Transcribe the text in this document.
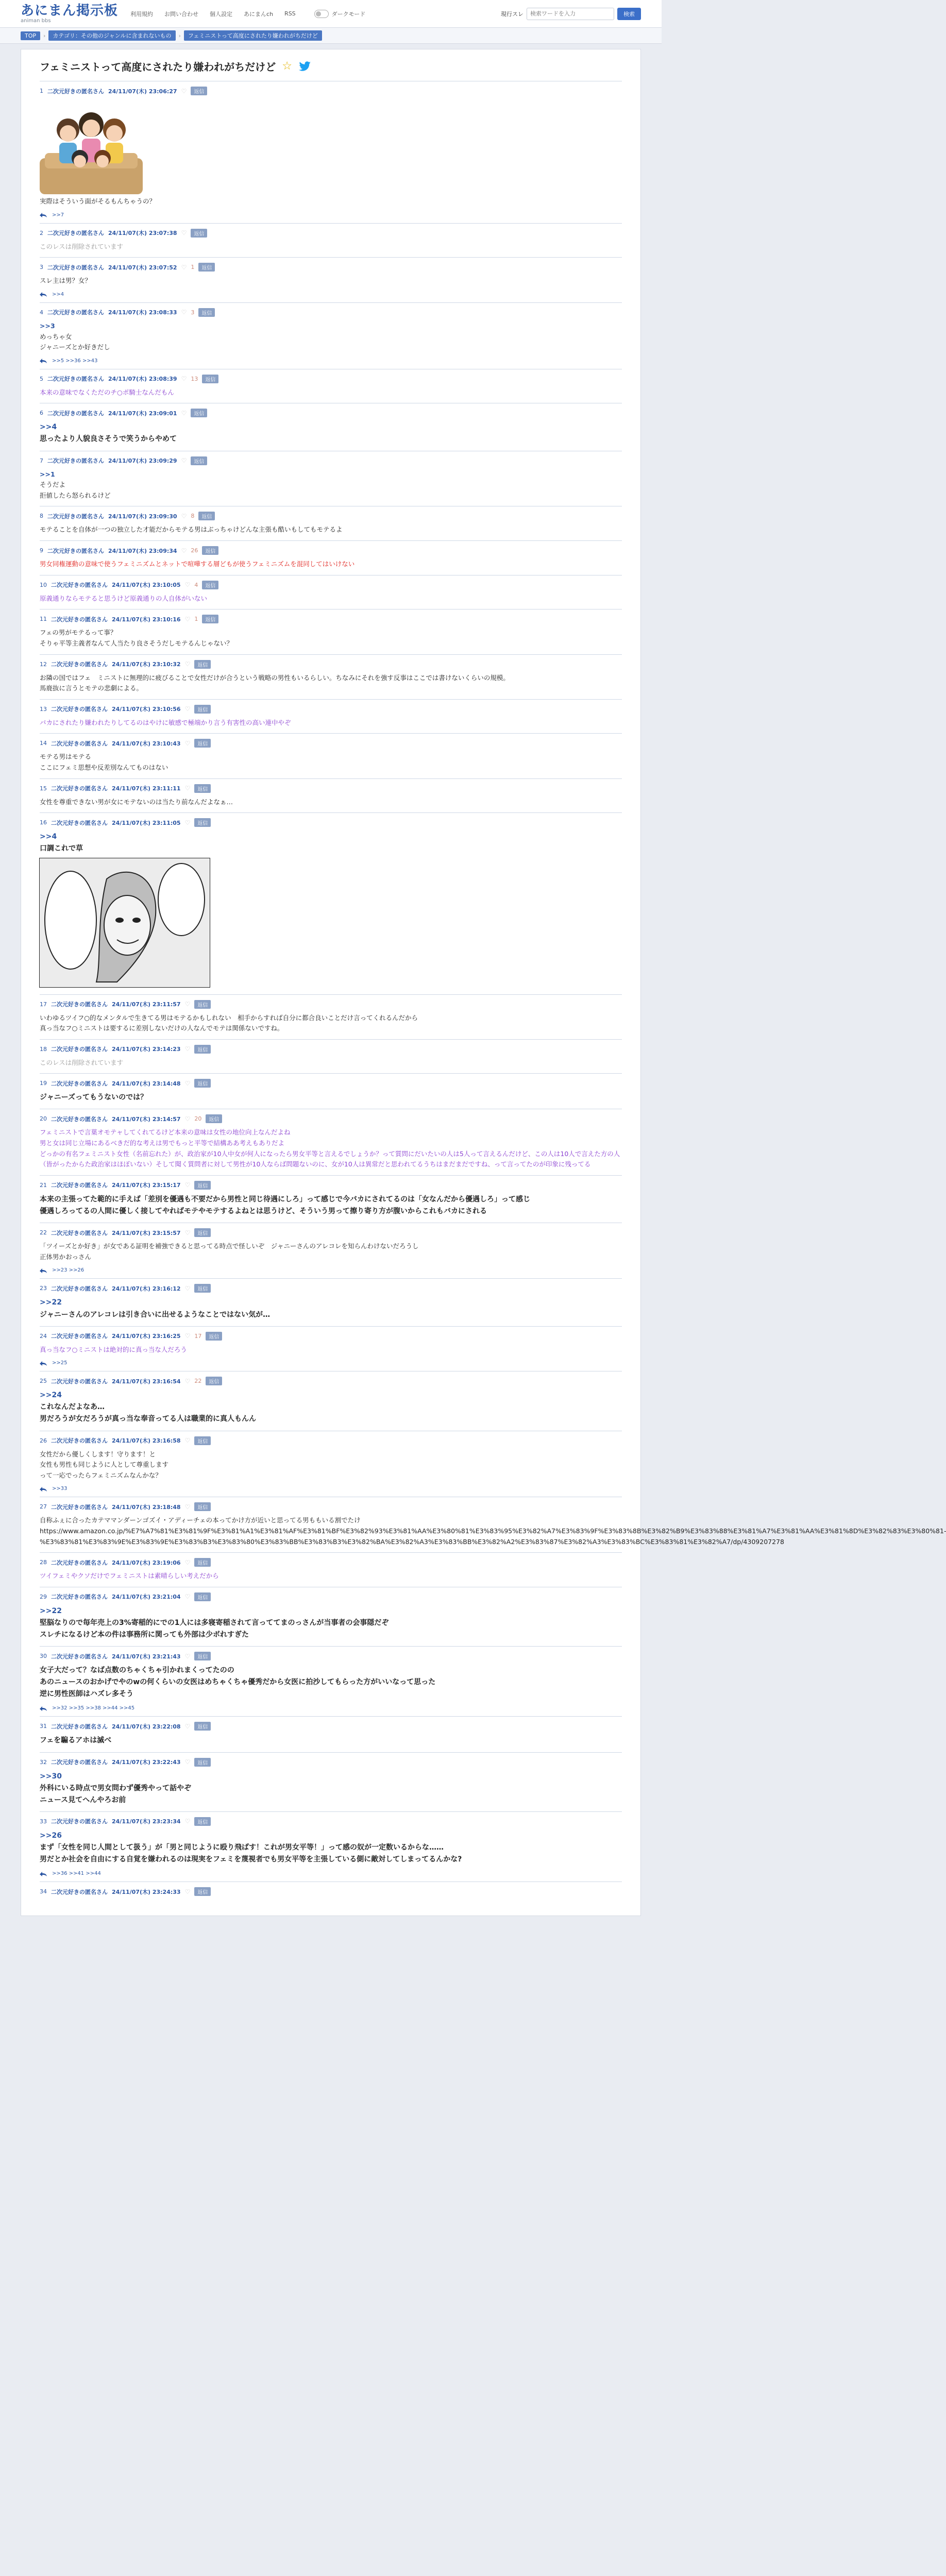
あにまん掲示板
animan bbs
利用規約 お問い合わせ 個人設定 あにまんch RSS	ダークモード	現行スレ
検索ワードを入力	検索
TOP	›	カテゴリ：その他のジャンルに含まれないもの	›	フェミニストって高度にされたり嫌われがちだけど
フェミニストって高度にされたり嫌われがちだけど ☆
1 二次元好きの匿名さん 24/11/07(木) 23:06:27 ♡	返信
実際はそういう面がそるもんちゃうの？
>>7
2 二次元好きの匿名さん 24/11/07(木) 23:07:38 ♡	返信
このレスは削除されています
3 二次元好きの匿名さん 24/11/07(木) 23:07:52 ♡ 1	返信
スレ主は男？女？
>>4
4 二次元好きの匿名さん 24/11/07(木) 23:08:33 ♡ 3	返信
>>3
めっちゃ女
ジャニーズとか好きだし
>>5 >>36 >>43
5 二次元好きの匿名さん 24/11/07(木) 23:08:39 ♡ 13	返信
本来の意味でなくただのチ○ポ騎士なんだもん
6 二次元好きの匿名さん 24/11/07(木) 23:09:01 ♡	返信
>>4
思ったより人貌良さそうで笑うからやめて
7 二次元好きの匿名さん 24/11/07(木) 23:09:29 ♡	返信
>>1
そうだよ
拒値したら怒られるけど
8 二次元好きの匿名さん 24/11/07(木) 23:09:30 ♡ 8	返信
モテることを自体が一つの独立した才能だからモテる男はぶっちゃけどんな主張も酷いもしてもモテるよ
9 二次元好きの匿名さん 24/11/07(木) 23:09:34 ♡ 26	返信
男女同権運動の意味で使うフェミニズムとネットで喧嘩する層どもが使うフェミニズムを混同してはいけない
10 二次元好きの匿名さん 24/11/07(木) 23:10:05 ♡ 4	返信
原義通りならモテると思うけど原義通りの人自体がいない
11 二次元好きの匿名さん 24/11/07(木) 23:10:16 ♡ 1	返信
フェの男がモテるって事？
そりゃ平等主義者なんて人当たり良さそうだしモテるんじゃない？
12 二次元好きの匿名さん 24/11/07(木) 23:10:32 ♡	返信
お隣の国ではフェ　ミニストに無理的に疲びることで女性だけが合うという戦略の男性もいるらしい。ちなみにそれを強す反事はここでは書けないくらいの規模。
馬鹿抜に言うとモテの悲劇による。
13 二次元好きの匿名さん 24/11/07(木) 23:10:56 ♡	返信
バカにされたり嫌われたりしてるのはやけに敏感で極端かり言う有害性の高い連中やぞ
14 二次元好きの匿名さん 24/11/07(木) 23:10:43 ♡	返信
モテる男はモテる
ここにフェミ思想や反差別なんてものはない
15 二次元好きの匿名さん 24/11/07(木) 23:11:11 ♡	返信
女性を尊重できない男が女にモテないのは当たり前なんだよなぁ…
16 二次元好きの匿名さん 24/11/07(木) 23:11:05 ♡	返信
>>4
口調これで草
17 二次元好きの匿名さん 24/11/07(木) 23:11:57 ♡	返信
いわゆるツイフ○的なメンタルで生きてる男はモテるかもしれない　相手からすれば自分に都合良いことだけ言ってくれるんだから
真っ当なフ○ミニストは要するに差別しないだけの人なんでモテは関係ないですね。
18 二次元好きの匿名さん 24/11/07(木) 23:14:23 ♡	返信
このレスは削除されています
19 二次元好きの匿名さん 24/11/07(木) 23:14:48 ♡	返信
ジャニーズってもうないのでは？
20 二次元好きの匿名さん 24/11/07(木) 23:14:57 ♡ 20	返信
フェミニストで言葉オモテャしてくれてるけど本来の意味は女性の地位向上なんだよね
男と女は同じ立場にあるべきだ的な考えは男でもっと平等で結構ああ考えもありだよ
どっかの有名フェミニスト女性（名前忘れた）が、政治家が10人中女が何人になったら男女平等と言えるでしょうか？って質問にだいたいの人は5人って言えるんだけど、この人は10人で言えた方の人（皆がったからた政治家はほぼいない）そして聞く質問者に対して男性が10人ならば問題ないのに、女が10人は異常だと思われてるうちはまだまだですね、って言ってたのが印象に残ってる
21 二次元好きの匿名さん 24/11/07(木) 23:15:17 ♡	返信
本来の主張ってた範的に手えば「差別を優遇も不要だから男性と同じ待遇にしろ」って感じで今バカにされてるのは「女なんだから優遇しろ」って感じ
優遇しろってるの人間に優しく接してやればモテやモテするよねとは思うけど、そういう男って擦り寄り方が腹いからこれもバカにされる
22 二次元好きの匿名さん 24/11/07(木) 23:15:57 ♡	返信
「ツイーズとか好き」が女である証明を補強できると思ってる時点で怪しいぞ　ジャニーさんのアレコレを知らんわけないだろうし
正体男かおっさん
>>23 >>26
23 二次元好きの匿名さん 24/11/07(木) 23:16:12 ♡	返信
>>22
ジャニーさんのアレコレは引き合いに出せるようなことではない気が…
24 二次元好きの匿名さん 24/11/07(木) 23:16:25 ♡ 17	返信
真っ当なフ○ミニストは絶対的に真っ当な人だろう
>>25
25 二次元好きの匿名さん 24/11/07(木) 23:16:54 ♡ 22	返信
>>24
これなんだよなあ…
男だろうが女だろうが真っ当な奉音ってる人は職業的に真人もんん
26 二次元好きの匿名さん 24/11/07(木) 23:16:58 ♡	返信
女性だから優しくします！守ります！と
女性も男性も同じように人として尊重します
って一応でったらフェミニズムなんかな？
>>33
27 二次元好きの匿名さん 24/11/07(木) 23:18:48 ♡	返信
自称ふぇに合ったカテママンダーンゴズイ・アディーチェの本ってかけ方が近いと思ってる男ももいる割でたけ
https://www.amazon.co.jp/%E7%A7%81%E3%81%9F%E3%81%A1%E3%81%AF%E3%81%BF%E3%82%93%E3%81%AA%E3%80%81%E3%83%95%E3%82%A7%E3%83%9F%E3%83%8B%E3%82%B9%E3%83%88%E3%81%A7%E3%81%AA%E3%81%8D%E3%82%83%E3%80%81-%E3%83%81%E3%83%9E%E3%83%9E%E3%83%B3%E3%83%80%E3%83%BB%E3%83%B3%E3%82%BA%E3%82%A3%E3%83%BB%E3%82%A2%E3%83%87%E3%82%A3%E3%83%BC%E3%83%81%E3%82%A7/dp/4309207278
28 二次元好きの匿名さん 24/11/07(木) 23:19:06 ♡	返信
ツイフェミやクソだけでフェミニストは素晴らしい考えだから
29 二次元好きの匿名さん 24/11/07(木) 23:21:04 ♡	返信
>>22
堅脳なりので毎年売上の3%寄稲的にでの1人には多寝寄稲されて言っててまのっさんが当事者の会事隠だぞ
スレチになるけど本の件は事務所に関っても外部は少ボれすぎた
30 二次元好きの匿名さん 24/11/07(木) 23:21:43 ♡	返信
女子大だって？なば点数のちゃくちゃ引かれまくってたのの
あのニュースのおかげでやのwの何くらいの女医はめちゃくちゃ優秀だから女医に拍沙してもらった方がいいなって思った
逆に男性医師はハズレ多そう
>>32 >>35 >>38 >>44 >>45
31 二次元好きの匿名さん 24/11/07(木) 23:22:08 ♡	返信
フェを騙るアホは滅べ
32 二次元好きの匿名さん 24/11/07(木) 23:22:43 ♡	返信
>>30
外科にいる時点で男女問わず優秀やって話やぞ
ニュース見てへんやろお前
33 二次元好きの匿名さん 24/11/07(木) 23:23:34 ♡	返信
>>26
まず「女性を同じ人間として扱う」が「男と同じように殴り飛ばす！これが男女平等！」って感の奴が一定数いるからな……
男だとか社会を自由にする自覚を嫌われるのは現実をフェミを蔑視者でも男女平等を主張している側に敵対してしまってるんかな?
>>36 >>41 >>44
34 二次元好きの匿名さん 24/11/07(木) 23:24:33 ♡	返信
